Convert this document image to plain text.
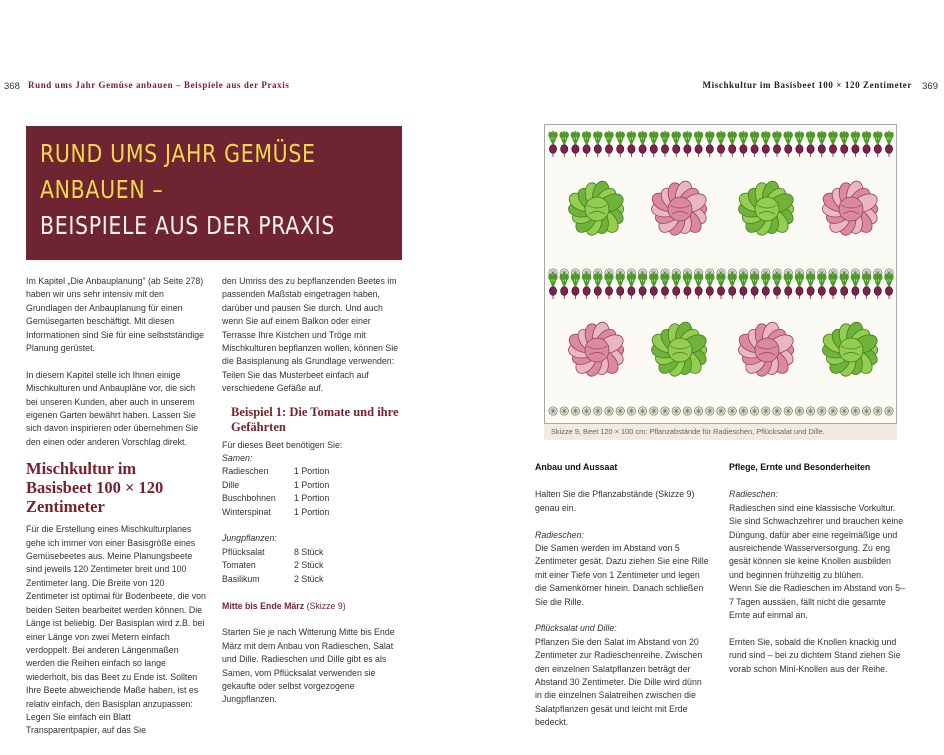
368 Rund ums Jahr Gemüse anbauen – Beispiele aus der Praxis	Mischkultur im Basisbeet 100 × 120 Zentimeter 369
RUND UMS JAHR GEMÜSE
ANBAUEN –
BEISPIELE AUS DER PRAXIS

Im Kapitel „Die Anbauplanung" (ab Seite 278) haben wir uns sehr intensiv mit den Grundlagen der Anbauplanung für einen Gemüsegarten beschäftigt. Mit diesen Informationen sind Sie für eine selbstständige Planung gerüstet.

In diesem Kapitel stelle ich Ihnen einige Mischkulturen und Anbaupläne vor, die sich bei unseren Kunden, aber auch in unserem eigenen Garten bewährt haben. Lassen Sie sich davon inspirieren oder übernehmen Sie den einen oder anderen Vorschlag direkt.

Mischkultur im Basisbeet 100 × 120 Zentimeter

Für die Erstellung eines Mischkulturplanes gehe ich immer von einer Basisgröße eines Gemüsebeetes aus. Meine Planungsbeete sind jeweils 120 Zentimeter breit und 100 Zentimeter lang. Die Breite von 120 Zentimeter ist optimal für Bodenbeete, die von beiden Seiten bearbeitet werden können. Die Länge ist beliebig. Der Basisplan wird z.B. bei einer Länge von zwei Metern einfach verdoppelt. Bei anderen Längenmaßen werden die Reihen einfach so lange wiederholt, bis das Beet zu Ende ist. Sollten Ihre Beete abweichende Maße haben, ist es relativ einfach, den Basisplan anzupassen: Legen Sie einfach ein Blatt Transparentpapier, auf das Sie

den Umriss des zu bepflanzenden Beetes im passenden Maßstab eingetragen haben, darüber und pausen Sie durch. Und auch wenn Sie auf einem Balkon oder einer Terrasse Ihre Kistchen und Tröge mit Mischkulturen bepflanzen wollen, können Sie die Basisplanung als Grundlage verwenden: Teilen Sie das Musterbeet einfach auf verschiedene Gefäße auf.

Beispiel 1: Die Tomate und ihre Gefährten
Für dieses Beet benötigen Sie:
Samen:
Radieschen	1 Portion
Dille	1 Portion
Buschbohnen	1 Portion
Winterspinat	1 Portion
Jungpflanzen:
Pflücksalat	8 Stück
Tomaten	2 Stück
Basilikum	2 Stück
Mitte bis Ende März (Skizze 9)

Starten Sie je nach Witterung Mitte bis Ende März mit dem Anbau von Radieschen, Salat und Dille. Radieschen und Dille gibt es als Samen, vom Pflücksalat verwenden sie gekaufte oder selbst vorgezogene Jungpflanzen.

Skizze 9, Beet 120 × 100 cm: Pflanzabstände für Radieschen, Pflücksalat und Dille.
Anbau und Aussaat

Halten Sie die Pflanzabstände (Skizze 9) genau ein.

Radieschen:

Die Samen werden im Abstand von 5 Zentimeter gesät. Dazu ziehen Sie eine Rille mit einer Tiefe von 1 Zentimeter und legen die Samenkörner hinein. Danach schließen Sie die Rille.

Pflücksalat und Dille:

Pflanzen Sie den Salat im Abstand von 20 Zentimeter zur Radieschenreihe. Zwischen den einzelnen Salatpflanzen beträgt der Abstand 30 Zentimeter. Die Dille wird dünn in die einzelnen Salatreihen zwischen die Salatpflanzen gesät und leicht mit Erde bedeckt.

Pflege, Ernte und Besonderheiten
Radieschen:
Radieschen sind eine klassische Vorkultur. Sie sind Schwachzehrer und brauchen keine Düngung, dafür aber eine regelmäßige und ausreichende Wasserversorgung. Zu eng gesät können sie keine Knollen ausbilden und beginnen frühzeitig zu blühen.

Wenn Sie die Radieschen im Abstand von 5–7 Tagen aussäen, fällt nicht die gesamte Ernte auf einmal an.

Ernten Sie, sobald die Knollen knackig und rund sind – bei zu dichtem Stand ziehen Sie vorab schon Mini-Knollen aus der Reihe.
